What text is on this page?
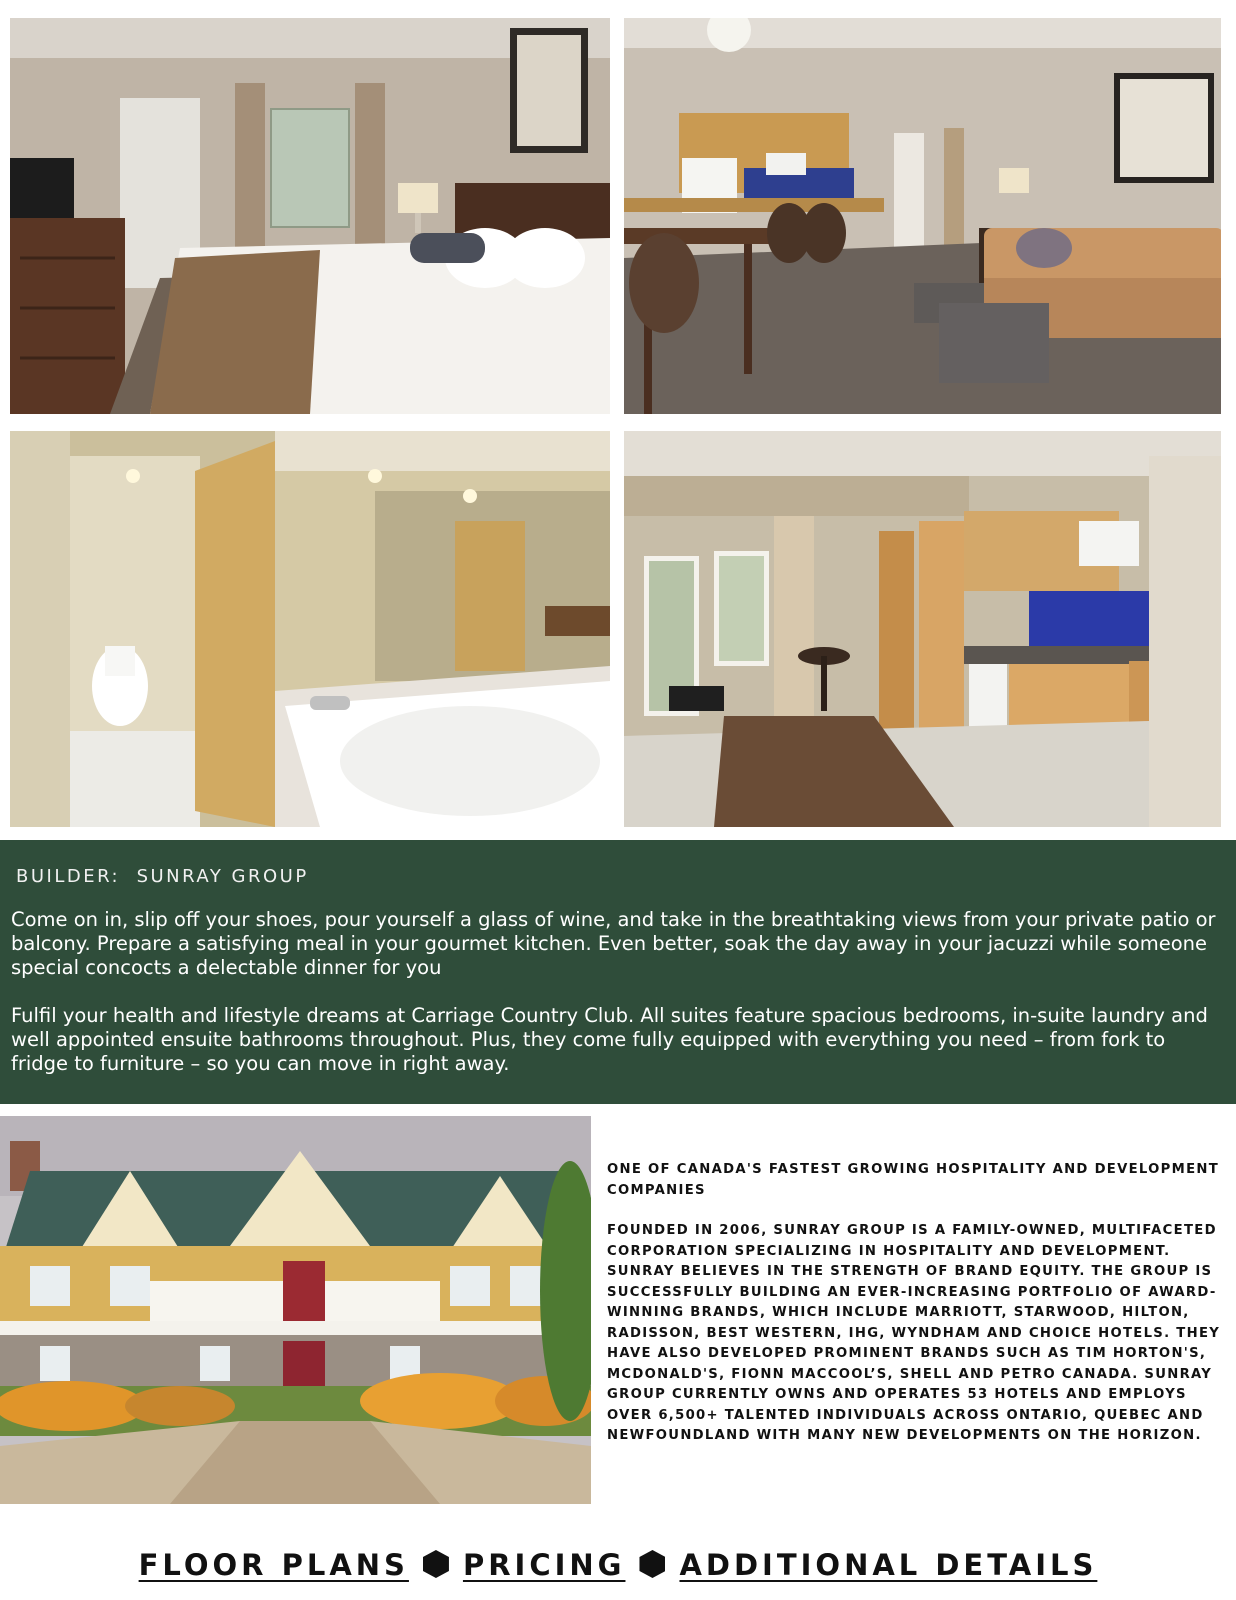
BUILDER: SUNRAY GROUP

Come on in, slip off your shoes, pour yourself a glass of wine, and take in the breathtaking views from your private patio or balcony. Prepare a satisfying meal in your gourmet kitchen. Even better, soak the day away in your jacuzzi while someone special concocts a delectable dinner for you

Fulfil your health and lifestyle dreams at Carriage Country Club. All suites feature spacious bedrooms, in-suite laundry and well appointed ensuite bathrooms throughout. Plus, they come fully equipped with everything you need – from fork to fridge to furniture – so you can move in right away.

ONE OF CANADA'S FASTEST GROWING HOSPITALITY AND DEVELOPMENT COMPANIES

FOUNDED IN 2006, SUNRAY GROUP IS A FAMILY-OWNED, MULTIFACETED CORPORATION SPECIALIZING IN HOSPITALITY AND DEVELOPMENT. SUNRAY BELIEVES IN THE STRENGTH OF BRAND EQUITY. THE GROUP IS SUCCESSFULLY BUILDING AN EVER-INCREASING PORTFOLIO OF AWARD-WINNING BRANDS, WHICH INCLUDE MARRIOTT, STARWOOD, HILTON, RADISSON, BEST WESTERN, IHG, WYNDHAM AND CHOICE HOTELS. THEY HAVE ALSO DEVELOPED PROMINENT BRANDS SUCH AS TIM HORTON'S, MCDONALD'S, FIONN MACCOOL’S, SHELL AND PETRO CANADA. SUNRAY GROUP CURRENTLY OWNS AND OPERATES 53 HOTELS AND EMPLOYS OVER 6,500+ TALENTED INDIVIDUALS ACROSS ONTARIO, QUEBEC AND NEWFOUNDLAND WITH MANY NEW DEVELOPMENTS ON THE HORIZON.

FLOOR PLANS PRICING ADDITIONAL DETAILS
